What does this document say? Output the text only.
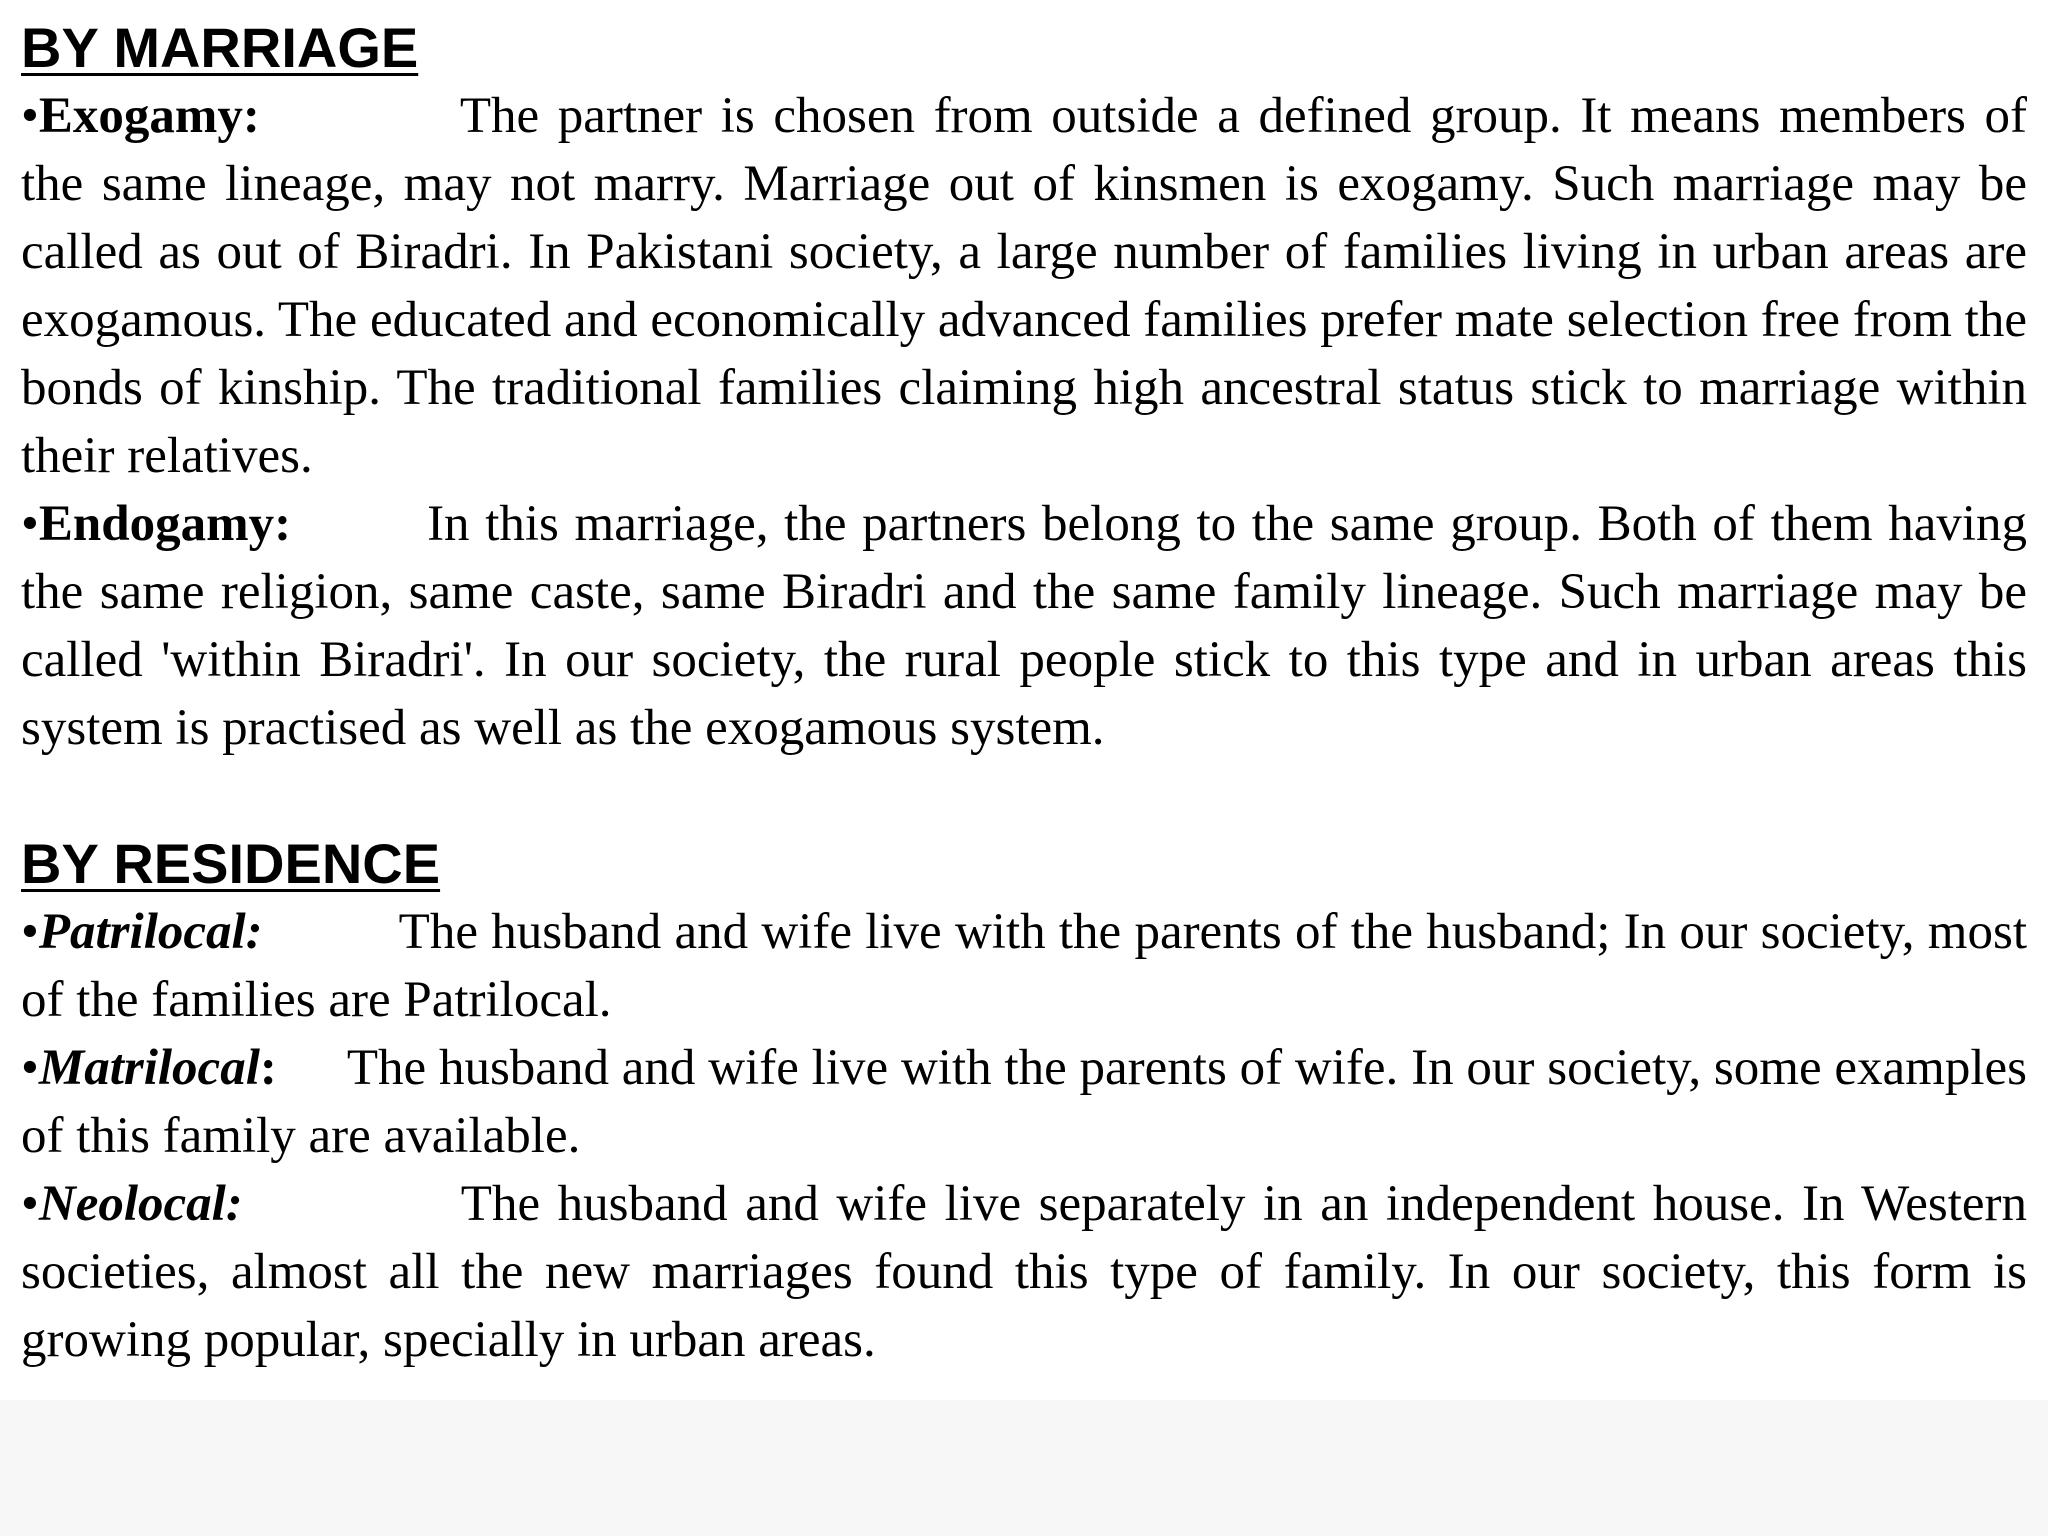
BY MARRIAGE

•Exogamy:	The partner is chosen from outside a defined group. It means members of the same lineage, may not marry. Marriage out of kinsmen is exogamy. Such marriage may be called as out of Biradri. In Pakistani society, a large number of families living in urban areas are exogamous. The educated and economically advanced families prefer mate selection free from the bonds of kinship. The traditional families claiming high ancestral status stick to marriage within their relatives.

•Endogamy:	In this marriage, the partners belong to the same group. Both of them having the same religion, same caste, same Biradri and the same family lineage. Such marriage may be called 'within Biradri'. In our society, the rural people stick to this type and in urban areas this system is practised as well as the exogamous system.

BY RESIDENCE

•Patrilocal:	The husband and wife live with the parents of the husband; In our society, most of the families are Patrilocal.

•Matrilocal: The husband and wife live with the parents of wife. In our society, some examples of this family are available.

•Neolocal:	The husband and wife live separately in an independent house. In Western societies, almost all the new marriages found this type of family. In our society, this form is growing popular, specially in urban areas.
